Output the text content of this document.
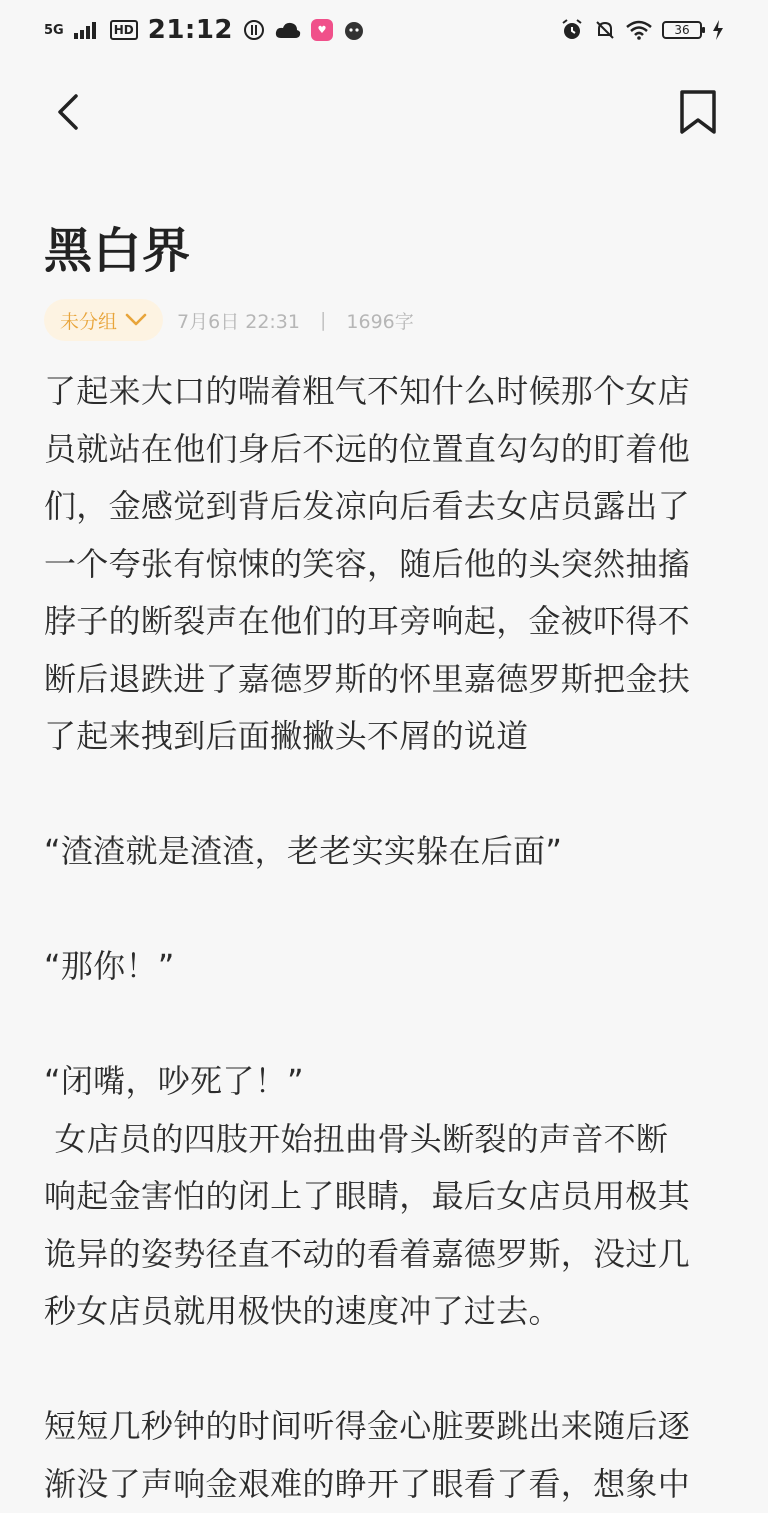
5G	HD 21:12	♥	36
黑白界
未分组	7月6日 22:31 | 1696字
了起来大口的喘着粗气不知什么时候那个女店
员就站在他们身后不远的位置直勾勾的盯着他
们，金感觉到背后发凉向后看去女店员露出了
一个夸张有惊悚的笑容，随后他的头突然抽搐
脖子的断裂声在他们的耳旁响起，金被吓得不
断后退跌进了嘉德罗斯的怀里嘉德罗斯把金扶
了起来拽到后面撇撇头不屑的说道
“渣渣就是渣渣，老老实实躲在后面”
“那你！”
“闭嘴，吵死了！”
女店员的四肢开始扭曲骨头断裂的声音不断
响起金害怕的闭上了眼睛，最后女店员用极其
诡异的姿势径直不动的看着嘉德罗斯，没过几
秒女店员就用极快的速度冲了过去。
短短几秒钟的时间听得金心脏要跳出来随后逐
渐没了声响金艰难的睁开了眼看了看，想象中
